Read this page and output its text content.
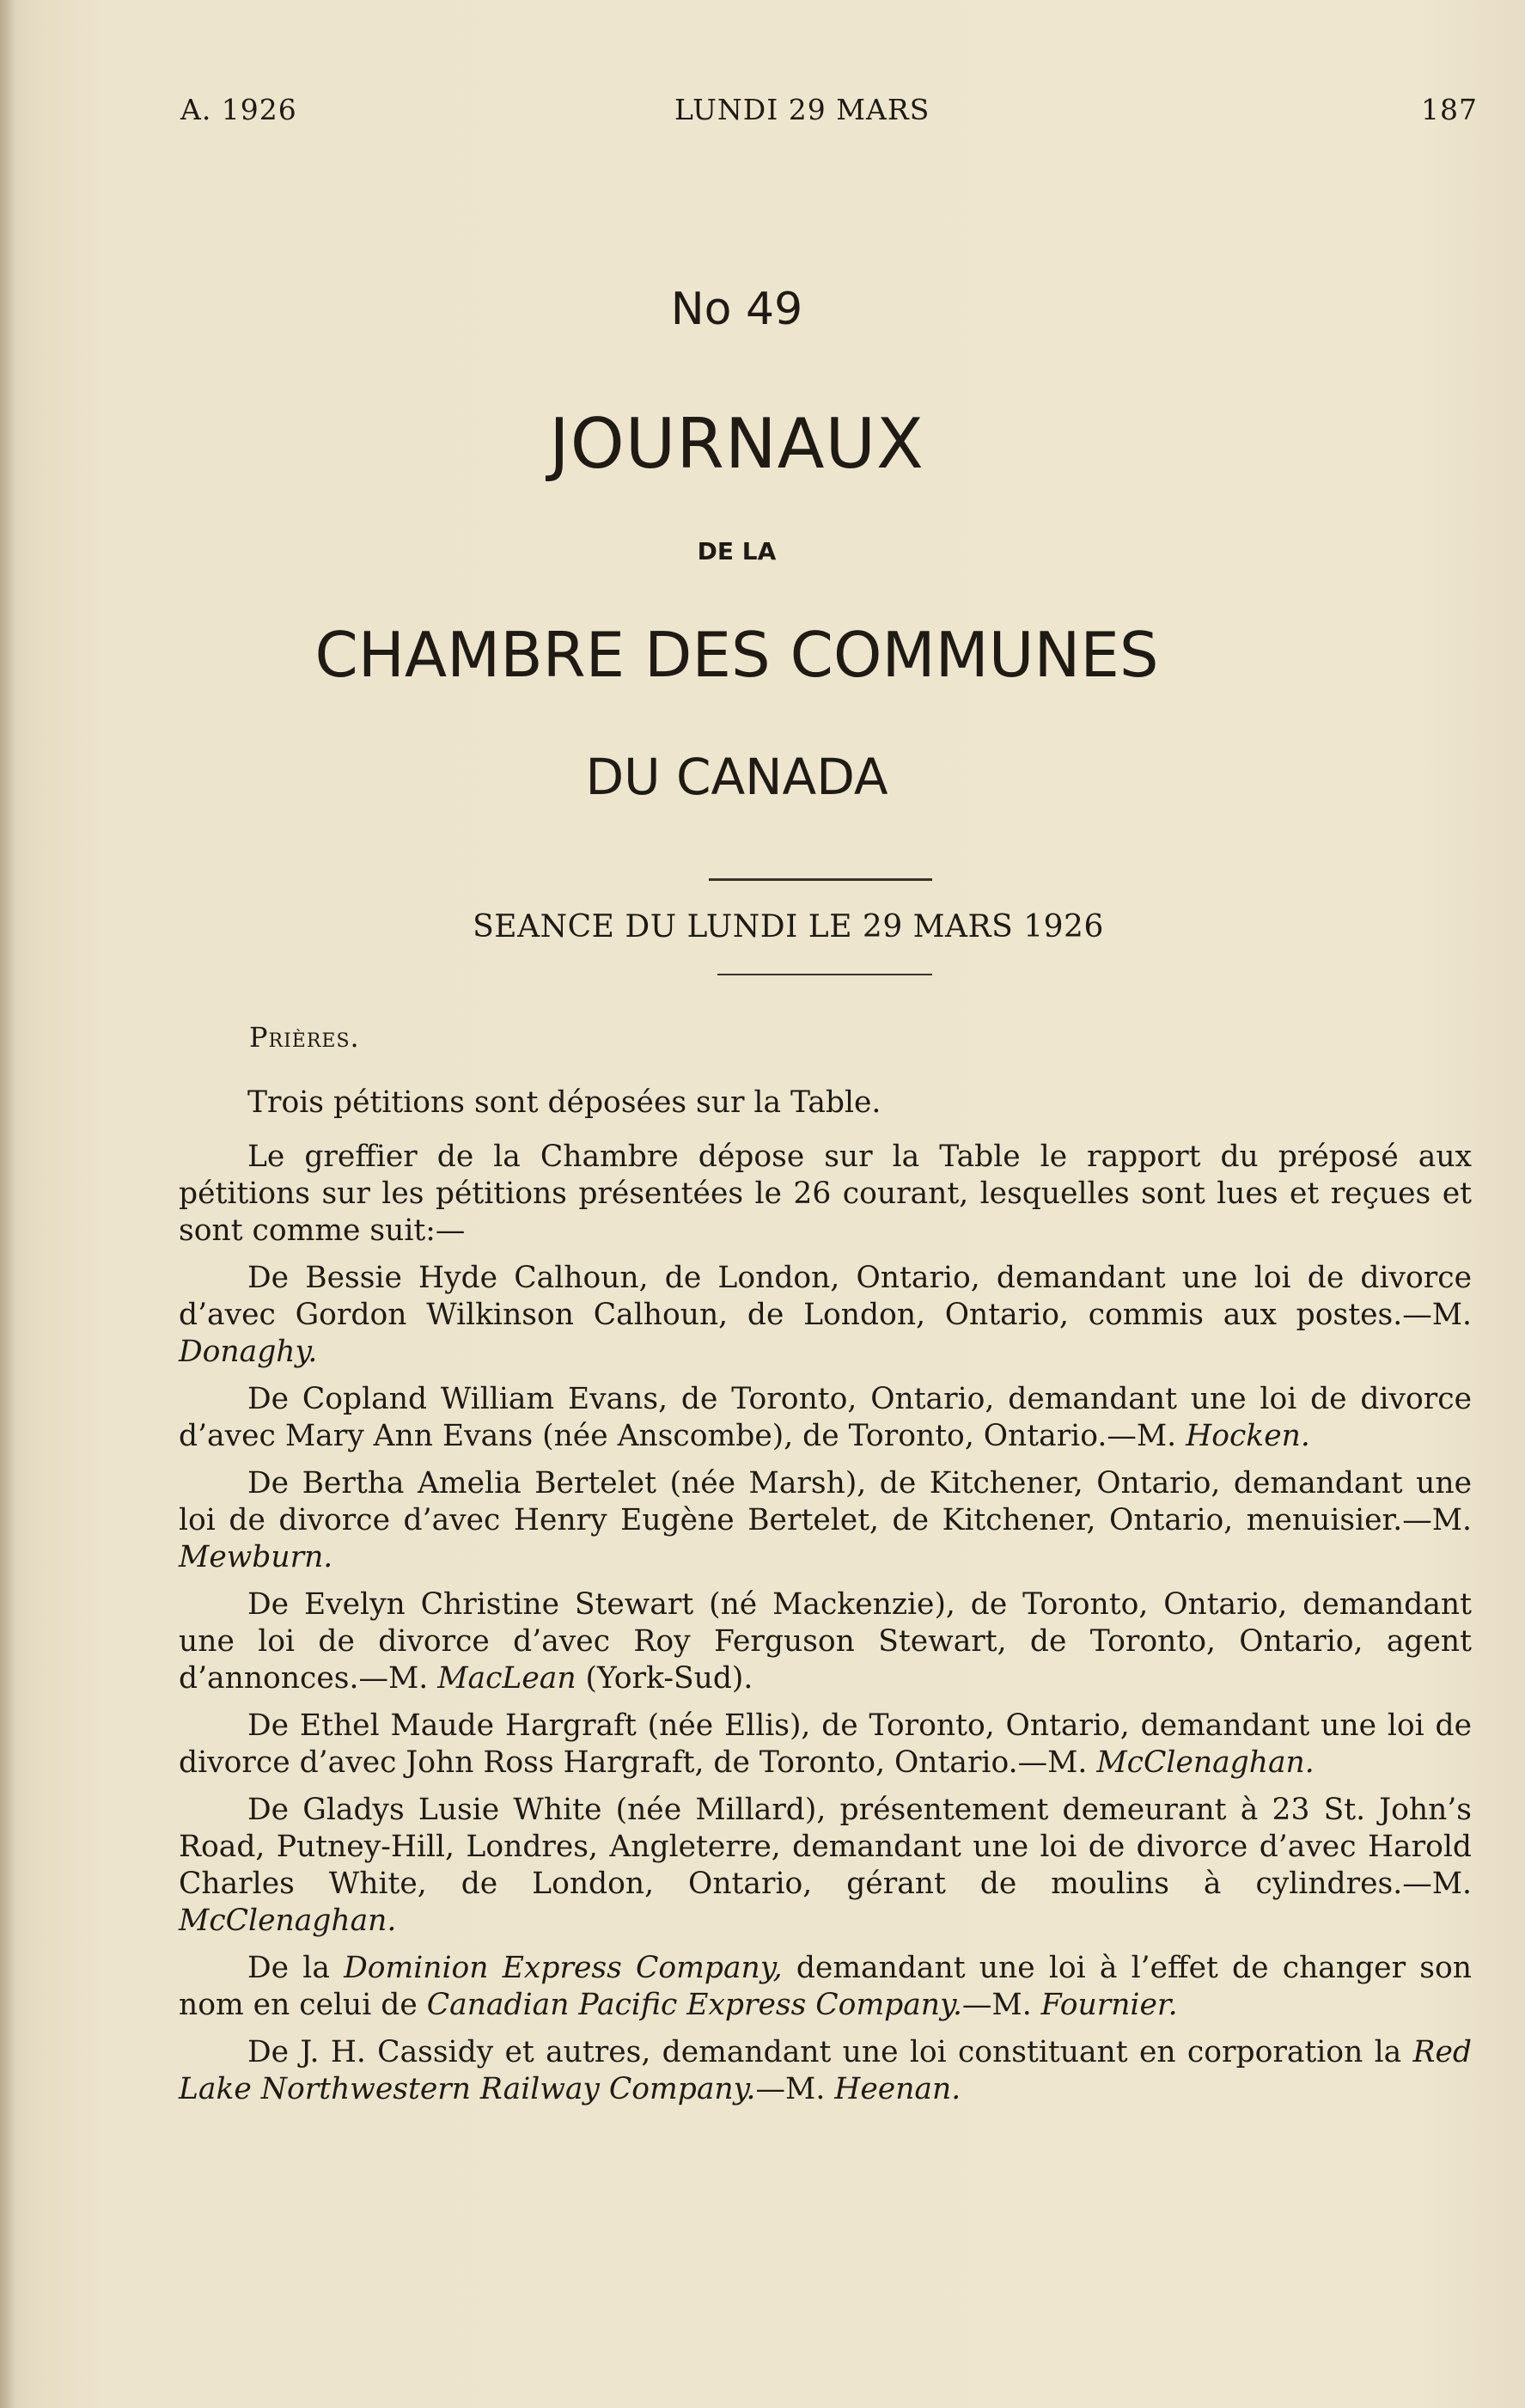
A. 1926	LUNDI 29 MARS	187
No 49
JOURNAUX
DE LA
CHAMBRE DES COMMUNES
DU CANADA
SEANCE DU LUNDI LE 29 MARS 1926
Prières.

Trois pétitions sont déposées sur la Table.

Le greffier de la Chambre dépose sur la Table le rapport du préposé aux pétitions sur les pétitions présentées le 26 courant, lesquelles sont lues et reçues et sont comme suit:—

De Bessie Hyde Calhoun, de London, Ontario, demandant une loi de divorce d’avec Gordon Wilkinson Calhoun, de London, Ontario, commis aux postes.—M. Donaghy.

De Copland William Evans, de Toronto, Ontario, demandant une loi de divorce d’avec Mary Ann Evans (née Anscombe), de Toronto, Ontario.—M. Hocken.

De Bertha Amelia Bertelet (née Marsh), de Kitchener, Ontario, demandant une loi de divorce d’avec Henry Eugène Bertelet, de Kitchener, Ontario, menuisier.—M. Mewburn.

De Evelyn Christine Stewart (né Mackenzie), de Toronto, Ontario, demandant une loi de divorce d’avec Roy Ferguson Stewart, de Toronto, Ontario, agent d’annonces.—M. MacLean (York-Sud).

De Ethel Maude Hargraft (née Ellis), de Toronto, Ontario, demandant une loi de divorce d’avec John Ross Hargraft, de Toronto, Ontario.—M. McClenaghan.

De Gladys Lusie White (née Millard), présentement demeurant à 23 St. John’s Road, Putney-Hill, Londres, Angleterre, demandant une loi de divorce d’avec Harold Charles White, de London, Ontario, gérant de moulins à cylindres.—M. McClenaghan.

De la Dominion Express Company, demandant une loi à l’effet de changer son nom en celui de Canadian Pacific Express Company.—M. Fournier.

De J. H. Cassidy et autres, demandant une loi constituant en corporation la Red Lake Northwestern Railway Company.—M. Heenan.
